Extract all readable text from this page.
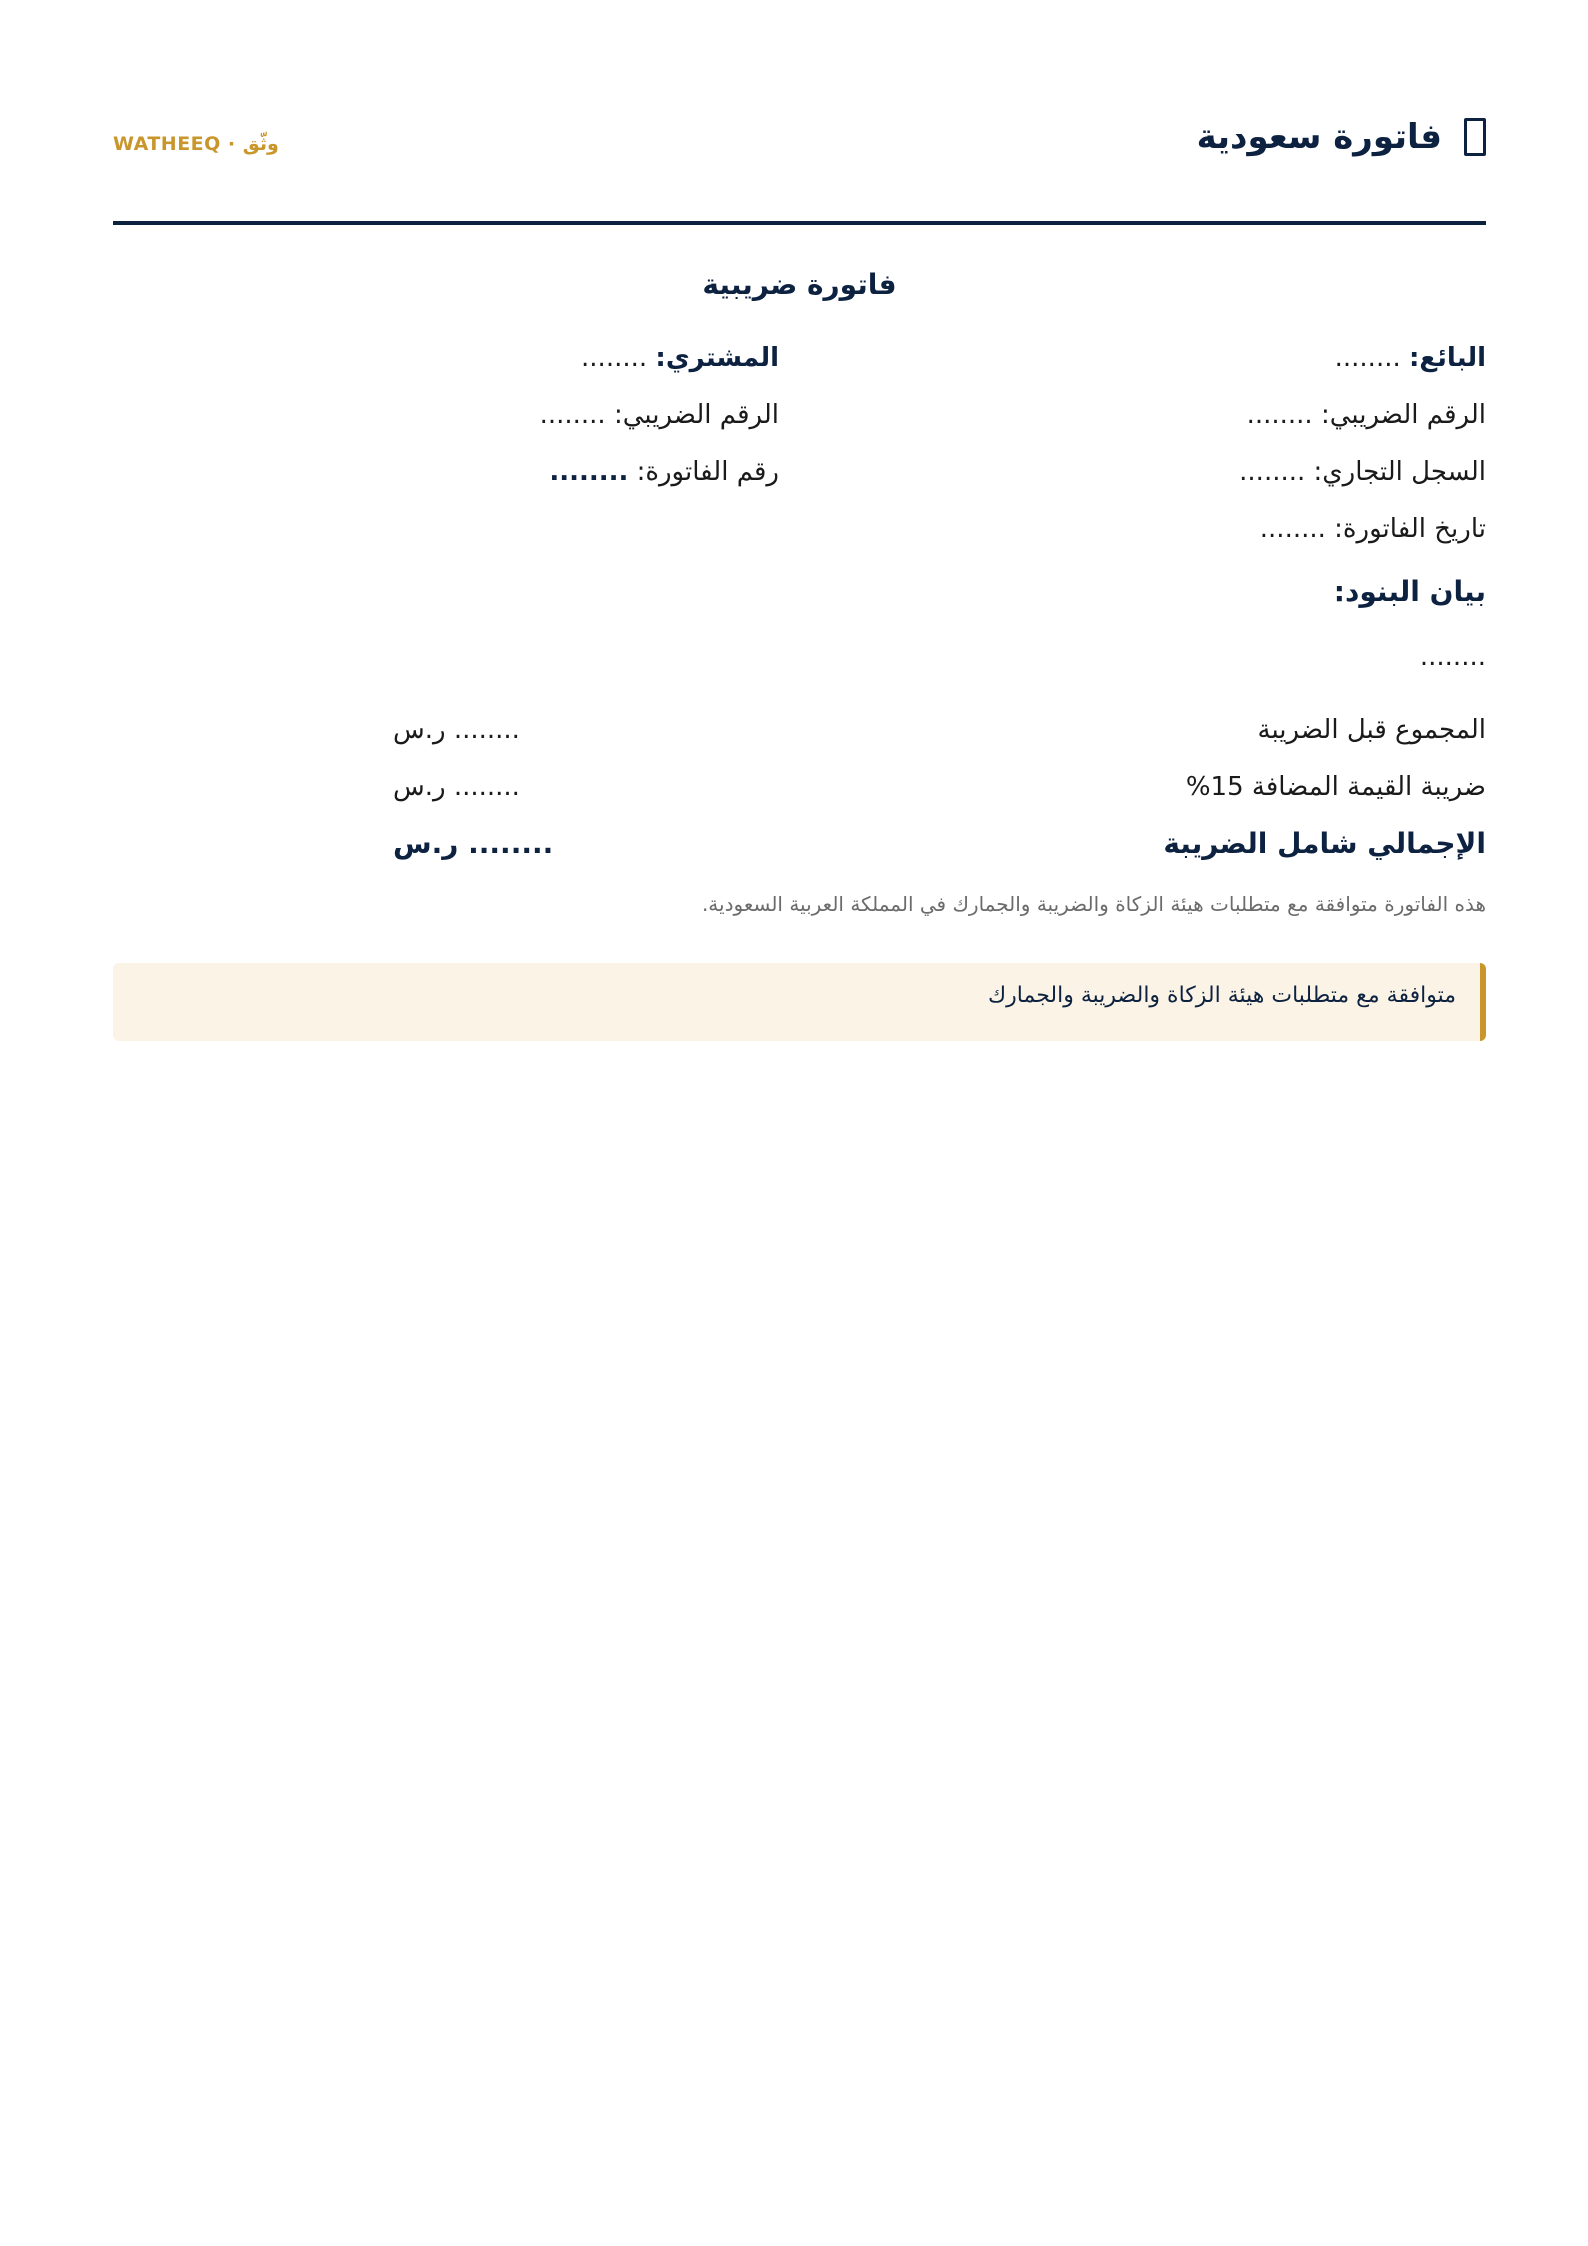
فاتورة سعودية
WATHEEQ · وثّق
فاتورة ضريبية
البائع: ........
الرقم الضريبي: ........
السجل التجاري: ........
تاريخ الفاتورة: ........
المشتري: ........
الرقم الضريبي: ........
رقم الفاتورة: ........
بيان البنود:
........
المجموع قبل الضريبة
........ ر.س
ضريبة القيمة المضافة 15%
........ ر.س
الإجمالي شامل الضريبة
........ ر.س
هذه الفاتورة متوافقة مع متطلبات هيئة الزكاة والضريبة والجمارك في المملكة العربية السعودية.
متوافقة مع متطلبات هيئة الزكاة والضريبة والجمارك
